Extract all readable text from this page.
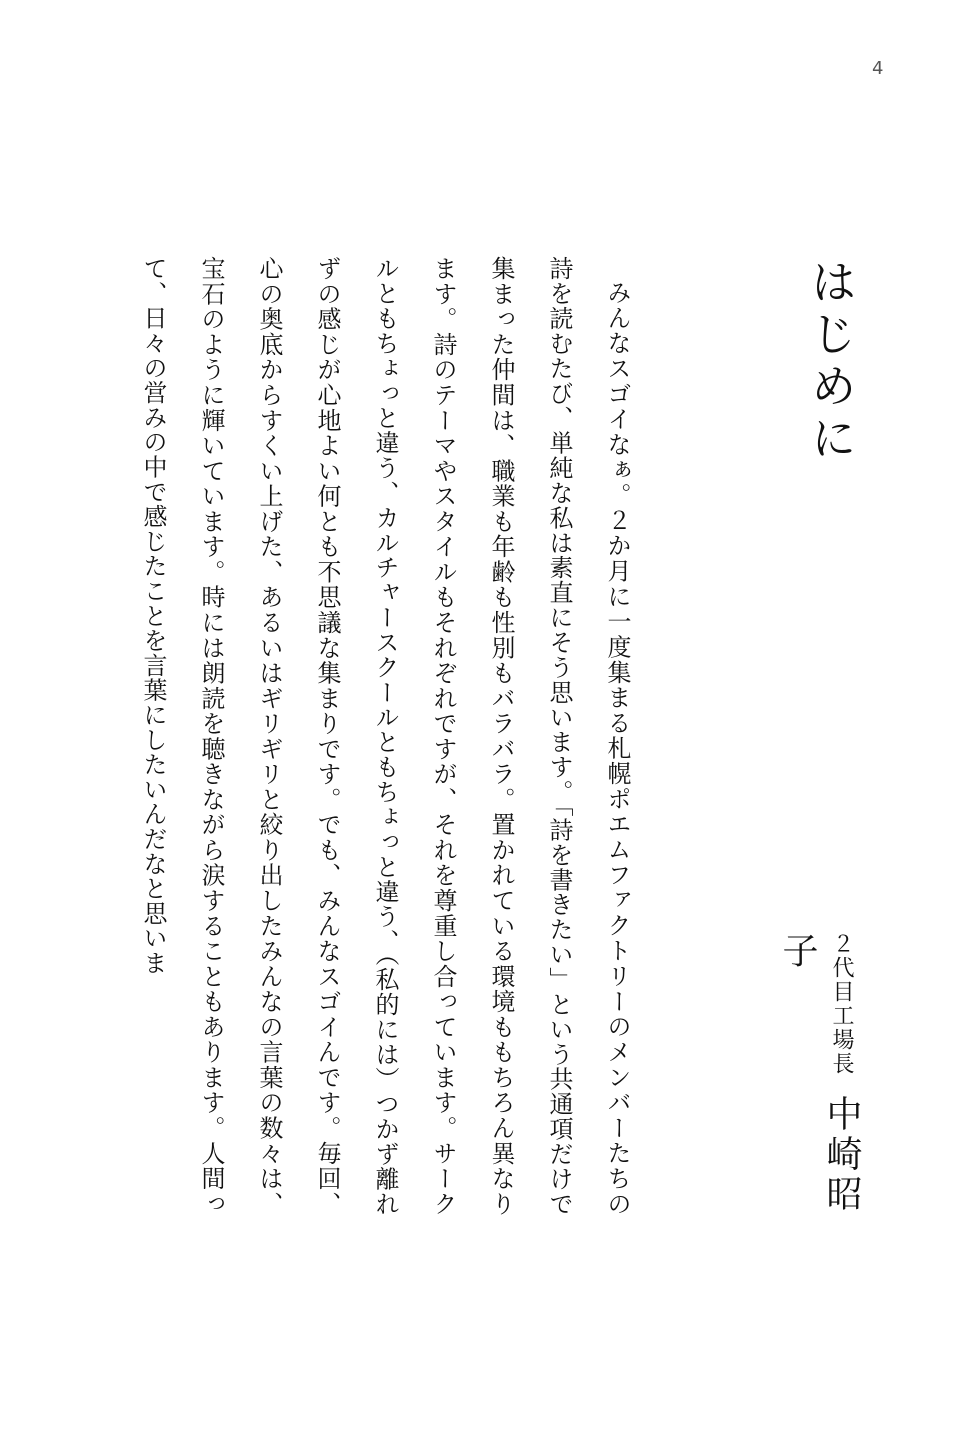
4
はじめに
２代目工場長 中崎昭子

みんなスゴイなぁ。２か月に一度集まる札幌ポエムファクトリーのメンバーたちの詩を読むたび、単純な私は素直にそう思います。「詩を書きたい」という共通項だけで集まった仲間は、職業も年齢も性別もバラバラ。置かれている環境ももちろん異なります。詩のテーマやスタイルもそれぞれですが、それを尊重し合っています。サークルともちょっと違う、カルチャースクールともちょっと違う、（私的には）つかず離れずの感じが心地よい何とも不思議な集まりです。でも、みんなスゴイんです。毎回、心の奥底からすくい上げた、あるいはギリギリと絞り出したみんなの言葉の数々は、宝石のように輝いています。時には朗読を聴きながら涙することもあります。人間って、日々の営みの中で感じたことを言葉にしたいんだなと思いま
